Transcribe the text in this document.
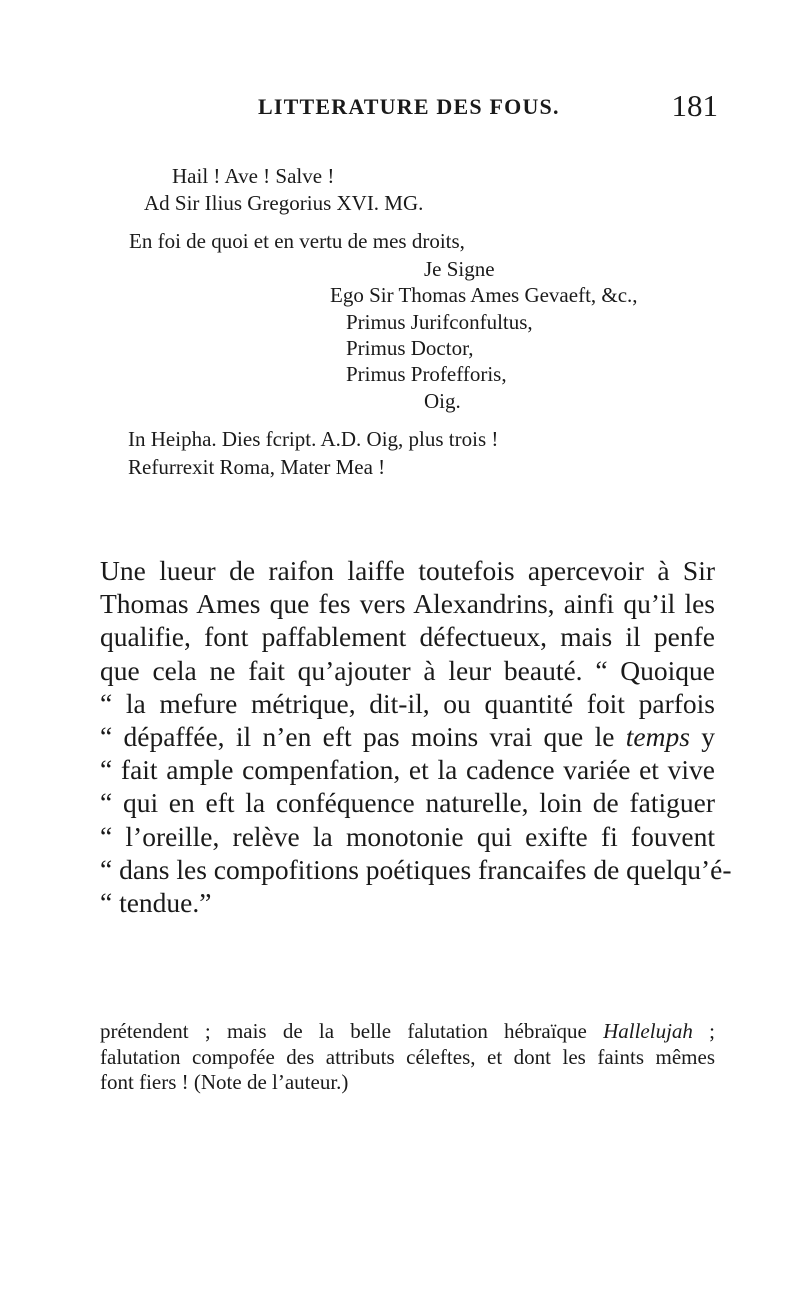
LITTERATURE DES FOUS.	181
Hail ! Ave ! Salve !
Ad Sir Ilius Gregorius XVI. MG.
En foi de quoi et en vertu de mes droits,
Je Signe
Ego Sir Thomas Ames Gevaeft, &c.,
Primus Jurifconfultus,
Primus Doctor,
Primus Profefforis,
Oig.
In Heipha. Dies fcript. A.D. Oig, plus trois !
Refurrexit Roma, Mater Mea !
Une lueur de raifon laiffe toutefois apercevoir à Sir
Thomas Ames que fes vers Alexandrins, ainfi qu’il les
qualifie, font paffablement défectueux, mais il penfe
que cela ne fait qu’ajouter à leur beauté. “ Quoique
“ la mefure métrique, dit-il, ou quantité foit parfois
“ dépaffée, il n’en eft pas moins vrai que le temps y
“ fait ample compenfation, et la cadence variée et vive
“ qui en eft la conféquence naturelle, loin de fatiguer
“ l’oreille, relève la monotonie qui exifte fi fouvent
“ dans les compofitions poétiques francaifes de quelqu’é-
“ tendue.”
prétendent ; mais de la belle falutation hébraïque Hallelujah ;
falutation compofée des attributs céleftes, et dont les faints mêmes
font fiers ! (Note de l’auteur.)
